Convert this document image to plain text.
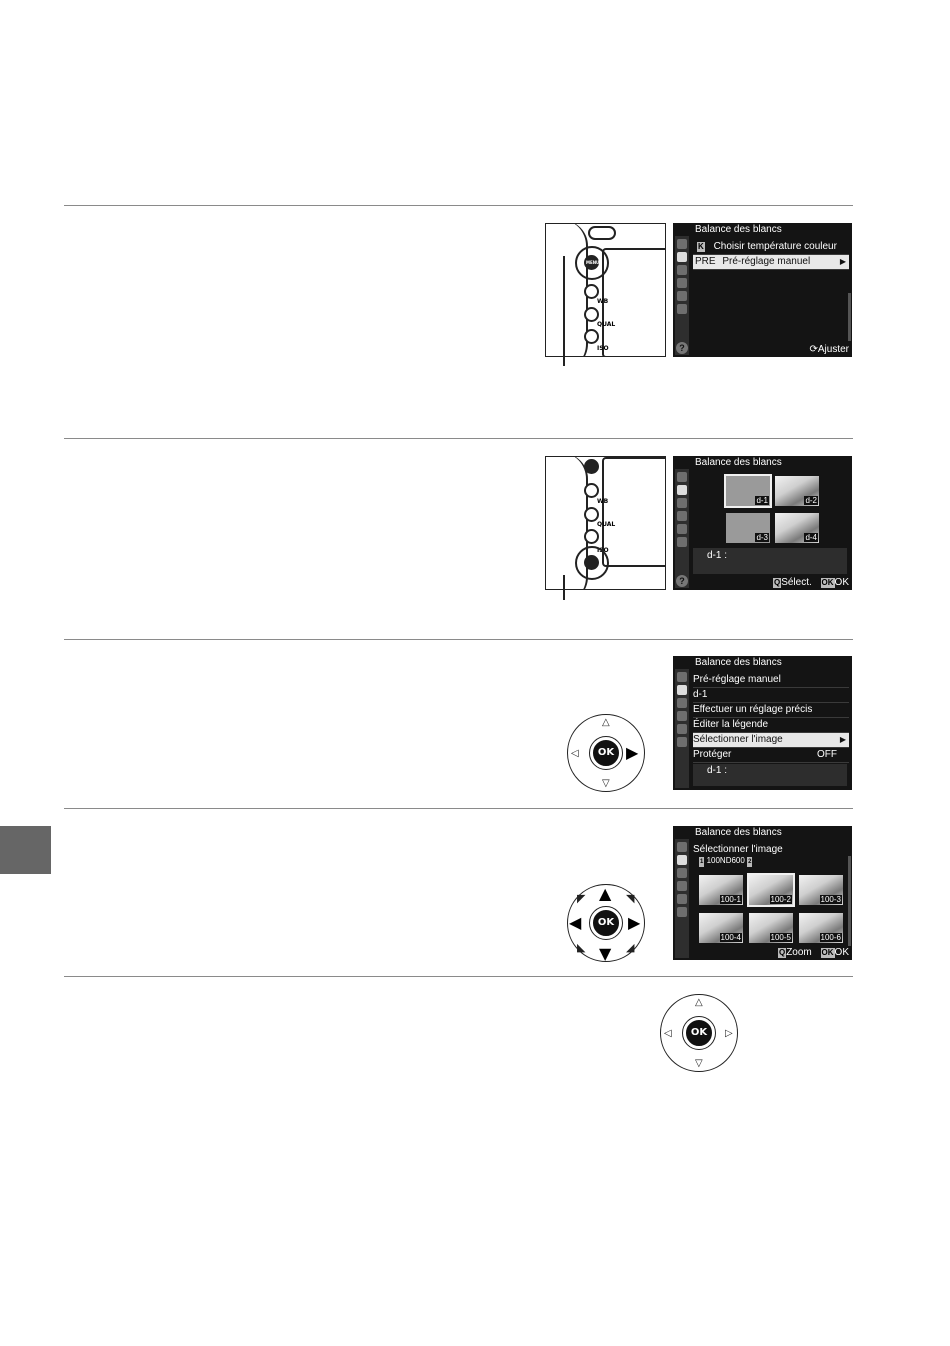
MENU
WB
QUAL
ISO
Balance des blancs
?
K Choisir température couleur
PRE Pré-réglage manuel	▶
⟳Ajuster
WB
QUAL
ISO
Balance des blancs
?
d-1	d-2
d-3	d-4
d-1 :
QSélect. OKOK
OK
△
▽
◁	▶
Balance des blancs
Pré-réglage manuel
d-1
Effectuer un réglage précis
Éditer la légende
Sélectionner l'image	▶
Protéger	OFF
d-1 :
OK
▲
▼
◀	▶
◤	◥
◣	◢
Balance des blancs
Sélectionner l'image
1 100ND600 2
100-1	100-2	100-3
100-4	100-5	100-6
QZoom OKOK
OK
△
▽
◁	▷
